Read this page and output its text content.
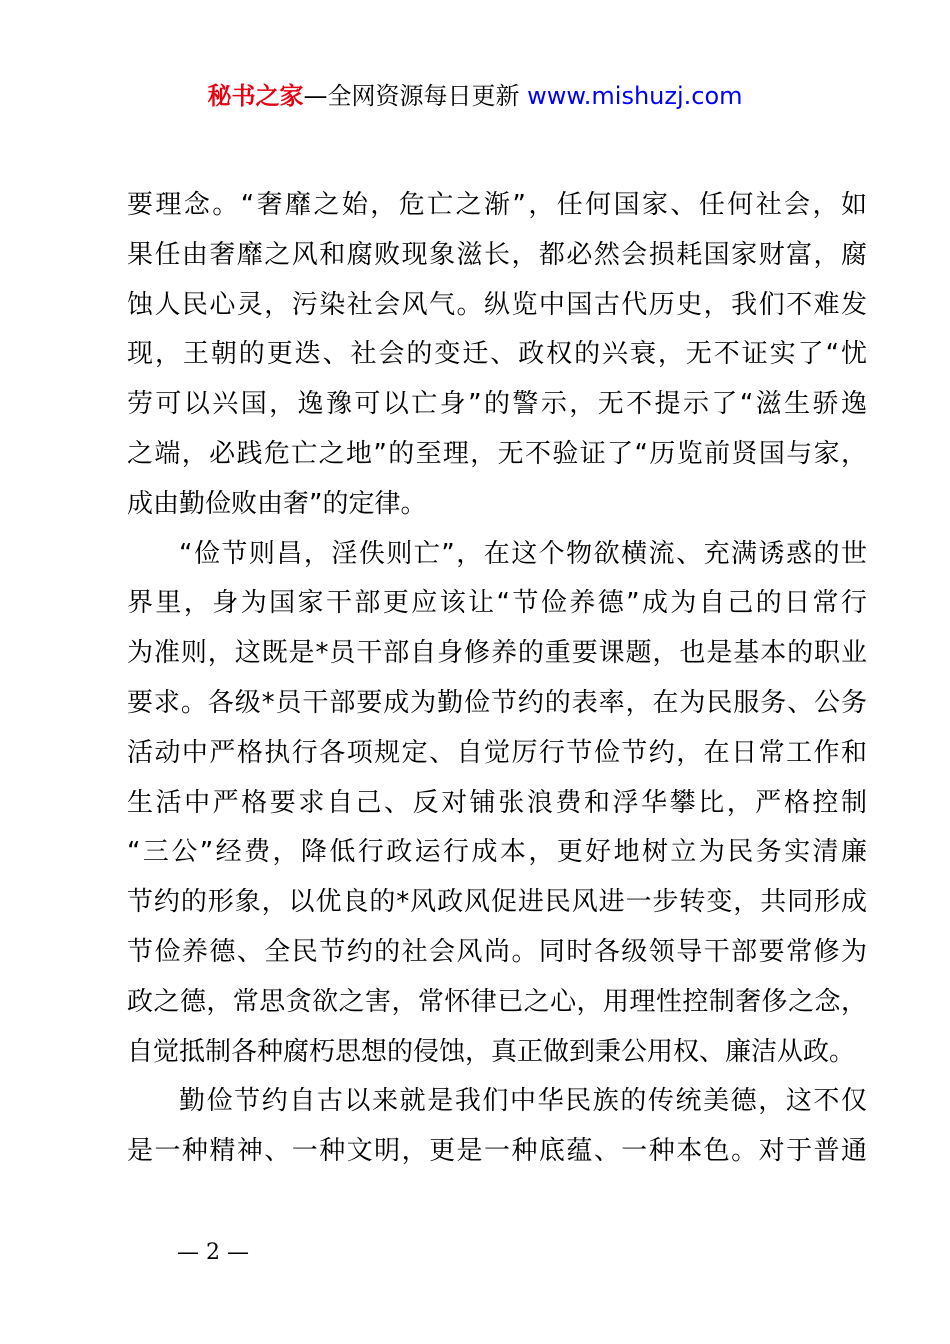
秘书之家—全网资源每日更新 www.mishuzj.com
要理念。“奢靡之始，危亡之渐”，任何国家、任何社会，如
果任由奢靡之风和腐败现象滋长，都必然会损耗国家财富，腐
蚀人民心灵，污染社会风气。纵览中国古代历史，我们不难发
现，王朝的更迭、社会的变迁、政权的兴衰，无不证实了“忧
劳可以兴国，逸豫可以亡身”的警示，无不提示了“滋生骄逸
之端，必践危亡之地”的至理，无不验证了“历览前贤国与家，
成由勤俭败由奢”的定律。
“俭节则昌，淫佚则亡”，在这个物欲横流、充满诱惑的世
界里，身为国家干部更应该让“节俭养德”成为自己的日常行
为准则，这既是*员干部自身修养的重要课题，也是基本的职业
要求。各级*员干部要成为勤俭节约的表率，在为民服务、公务
活动中严格执行各项规定、自觉厉行节俭节约，在日常工作和
生活中严格要求自己、反对铺张浪费和浮华攀比，严格控制
“三公”经费，降低行政运行成本，更好地树立为民务实清廉
节约的形象，以优良的*风政风促进民风进一步转变，共同形成
节俭养德、全民节约的社会风尚。同时各级领导干部要常修为
政之德，常思贪欲之害，常怀律已之心，用理性控制奢侈之念，
自觉抵制各种腐朽思想的侵蚀，真正做到秉公用权、廉洁从政。
勤俭节约自古以来就是我们中华民族的传统美德，这不仅
是一种精神、一种文明，更是一种底蕴、一种本色。对于普通
— 2 —
